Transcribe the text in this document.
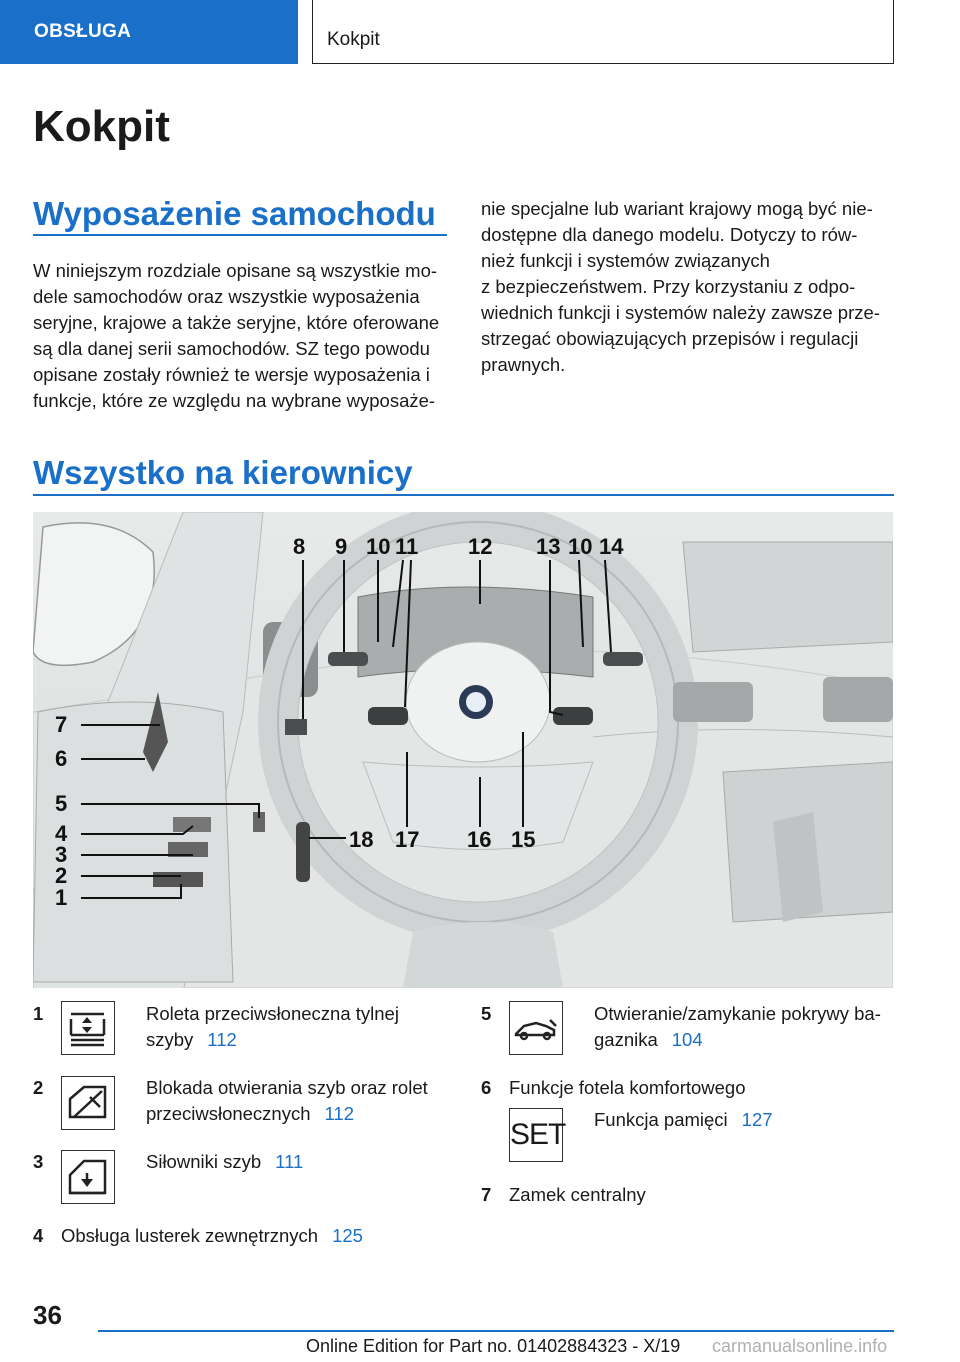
OBSŁUGA	Kokpit
Kokpit
Wyposażenie samochodu
W niniejszym rozdziale opisane są wszystkie mo-
dele samochodów oraz wszystkie wyposażenia
seryjne, krajowe a także seryjne, które oferowane
są dla danej serii samochodów. SZ tego powodu
opisane zostały również te wersje wyposażenia i
funkcje, które ze względu na wybrane wyposaże-
nie specjalne lub wariant krajowy mogą być nie-
dostępne dla danego modelu. Dotyczy to rów-
nież funkcji i systemów związanych
z bezpieczeństwem. Przy korzystaniu z odpo-
wiednich funkcji i systemów należy zawsze prze-
strzegać obowiązujących przepisów i regulacji
prawnych.
Wszystko na kierownicy
1
2
3
4
5
6
7
8 9 10 11 12 13 10 14
15
16
17
18
1	Roleta przeciwsłoneczna tylnej
szyby 112
2	Blokada otwierania szyb oraz rolet
przeciwsłonecznych 112
3	Siłowniki szyb 111
4 Obsługa lusterek zewnętrznych 125
5	Otwieranie/zamykanie pokrywy ba-
gaznika 104
6 Funkcje fotela komfortowego
SET Funkcja pamięci 127
7 Zamek centralny
36
Online Edition for Part no. 01402884323 - X/19 carmanualsonline.info
